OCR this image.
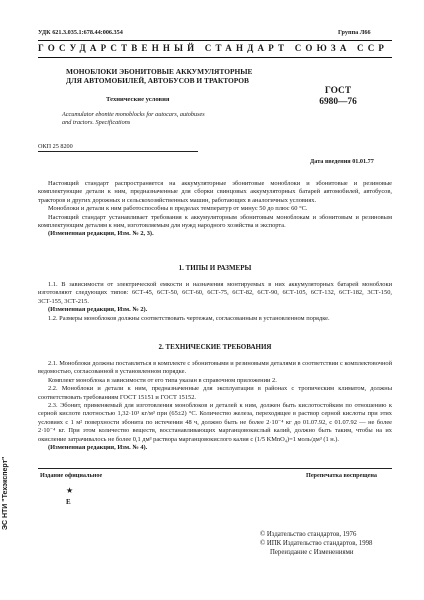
УДК 621.3.035.1:678.44:006.354	Группа Л66
ГОСУДАРСТВЕННЫЙ СТАНДАРТ СОЮЗА ССР
МОНОБЛОКИ ЭБОНИТОВЫЕ АККУМУЛЯТОРНЫЕ
ДЛЯ АВТОМОБИЛЕЙ, АВТОБУСОВ И ТРАКТОРОВ
Технические условия
Accumulator ebonite monoblocks for autocars, autobuses
and tractors. Specifications
ГОСТ
6980—76
ОКП 25 8200
Дата введения 01.01.77
Настоящий стандарт распространяется на аккумуляторные эбонитовые моноблоки и эбонитовые и резиновые комплектующие детали к ним, предназначенные для сборки свинцовых аккумуляторных батарей автомобилей, автобусов, тракторов и других дорожных и сельскохозяйственных машин, работающих в аналогичных условиях.
Моноблоки и детали к ним работоспособны в пределах температур от минус 50 до плюс 60 °С.
Настоящий стандарт устанавливает требования к аккумуляторным эбонитовым моноблокам и эбонитовым и резиновым комплектующим деталям к ним, изготовляемым для нужд народного хозяйства и экспорта.
(Измененная редакция, Изм. № 2, 3).
1. ТИПЫ И РАЗМЕРЫ
1.1. В зависимости от электрической емкости и назначения монтируемых в них аккумуляторных батарей моноблоки изготовляют следующих типов: 6СТ-45, 6СТ-50, 6СТ-60, 6СТ-75, 6СТ-82, 6СТ-90, 6СТ-105, 6СТ-132, 6СТ-182, 3СТ-150, 3СТ-155, 3СТ-215.
(Измененная редакция, Изм. № 2).
1.2. Размеры моноблоков должны соответствовать чертежам, согласованным в установленном порядке.
2. ТЕХНИЧЕСКИЕ ТРЕБОВАНИЯ
2.1. Моноблоки должны поставляться в комплекте с эбонитовыми и резиновыми деталями в соответствии с комплектовочной ведомостью, согласованной в установленном порядке.
Комплект моноблока в зависимости от его типа указан в справочном приложении 2.
2.2. Моноблоки и детали к ним, предназначенные для эксплуатации в районах с тропическим климатом, должны соответствовать требованиям ГОСТ 15151 и ГОСТ 15152.
2.3. Эбонит, применяемый для изготовления моноблоков и деталей к ним, должен быть кислотостойким по отношению к серной кислоте плотностью 1,32·10³ кг/м³ при (65±2) °С. Количество железа, переходящее в раствор серной кислоты при этих условиях с 1 м² поверхности эбонита по истечении 48 ч, должно быть не более 2·10⁻⁴ кг до 01.07.92, с 01.07.92 — не более 2·10⁻⁴ кг. При этом количество веществ, восстанавливающих марганцовокислый калий, должно быть таким, чтобы на их окисление затрачивалось не более 0,1 дм³ раствора марганцовокислого калия с (1/5 KMnO₄)=1 моль/дм³ (1 н.).
(Измененная редакция, Изм. № 4).
Издание официальное	Перепечатка воспрещена
★
Е
© Издательство стандартов, 1976
© ИПК Издательство стандартов, 1998
Переиздание с Изменениями
ЭС НТИ "Техэксперт"
